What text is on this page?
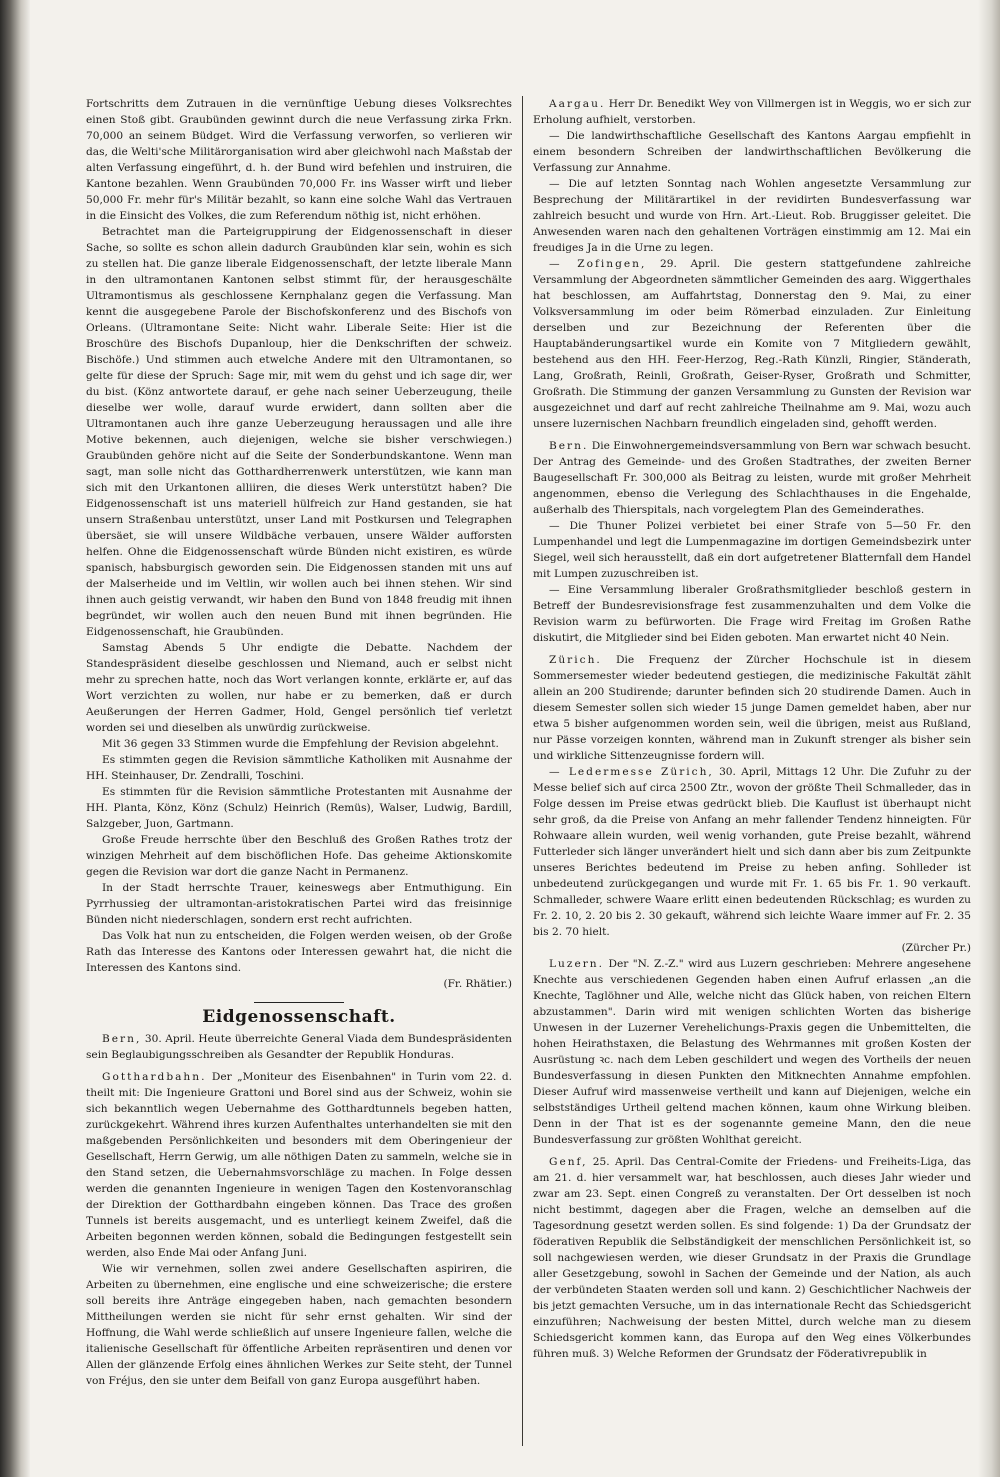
Fortschritts dem Zutrauen in die vernünftige Uebung dieses Volksrechtes einen Stoß gibt. Graubünden gewinnt durch die neue Verfassung zirka Frkn. 70,000 an seinem Büdget. Wird die Verfassung verworfen, so verlieren wir das, die Welti'sche Militärorganisation wird aber gleichwohl nach Maßstab der alten Verfassung eingeführt, d. h. der Bund wird befehlen und instruiren, die Kantone bezahlen. Wenn Graubünden 70,000 Fr. ins Wasser wirft und lieber 50,000 Fr. mehr für's Militär bezahlt, so kann eine solche Wahl das Vertrauen in die Einsicht des Volkes, die zum Referendum nöthig ist, nicht erhöhen.

Betrachtet man die Parteigruppirung der Eidgenossenschaft in dieser Sache, so sollte es schon allein dadurch Graubünden klar sein, wohin es sich zu stellen hat. Die ganze liberale Eidgenossenschaft, der letzte liberale Mann in den ultramontanen Kantonen selbst stimmt für, der herausgeschälte Ultramontismus als geschlossene Kernphalanz gegen die Verfassung. Man kennt die ausgegebene Parole der Bischofskonferenz und des Bischofs von Orleans. (Ultramontane Seite: Nicht wahr. Liberale Seite: Hier ist die Broschüre des Bischofs Dupanloup, hier die Denkschriften der schweiz. Bischöfe.) Und stimmen auch etwelche Andere mit den Ultramontanen, so gelte für diese der Spruch: Sage mir, mit wem du gehst und ich sage dir, wer du bist. (Könz antwortete darauf, er gehe nach seiner Ueberzeugung, theile dieselbe wer wolle, darauf wurde erwidert, dann sollten aber die Ultramontanen auch ihre ganze Ueberzeugung heraussagen und alle ihre Motive bekennen, auch diejenigen, welche sie bisher verschwiegen.) Graubünden gehöre nicht auf die Seite der Sonderbundskantone. Wenn man sagt, man solle nicht das Gotthardherrenwerk unterstützen, wie kann man sich mit den Urkantonen alliiren, die dieses Werk unterstützt haben? Die Eidgenossenschaft ist uns materiell hülfreich zur Hand gestanden, sie hat unsern Straßenbau unterstützt, unser Land mit Postkursen und Telegraphen übersäet, sie will unsere Wildbäche verbauen, unsere Wälder aufforsten helfen. Ohne die Eidgenossenschaft würde Bünden nicht existiren, es würde spanisch, habsburgisch geworden sein. Die Eidgenossen standen mit uns auf der Malserheide und im Veltlin, wir wollen auch bei ihnen stehen. Wir sind ihnen auch geistig verwandt, wir haben den Bund von 1848 freudig mit ihnen begründet, wir wollen auch den neuen Bund mit ihnen begründen. Hie Eidgenossenschaft, hie Graubünden.

Samstag Abends 5 Uhr endigte die Debatte. Nachdem der Standespräsident dieselbe geschlossen und Niemand, auch er selbst nicht mehr zu sprechen hatte, noch das Wort verlangen konnte, erklärte er, auf das Wort verzichten zu wollen, nur habe er zu bemerken, daß er durch Aeußerungen der Herren Gadmer, Hold, Gengel persönlich tief verletzt worden sei und dieselben als unwürdig zurückweise.

Mit 36 gegen 33 Stimmen wurde die Empfehlung der Revision abgelehnt.

Es stimmten gegen die Revision sämmtliche Katholiken mit Ausnahme der HH. Steinhauser, Dr. Zendralli, Toschini.

Es stimmten für die Revision sämmtliche Protestanten mit Ausnahme der HH. Planta, Könz, Könz (Schulz) Heinrich (Remüs), Walser, Ludwig, Bardill, Salzgeber, Juon, Gartmann.

Große Freude herrschte über den Beschluß des Großen Rathes trotz der winzigen Mehrheit auf dem bischöflichen Hofe. Das geheime Aktionskomite gegen die Revision war dort die ganze Nacht in Permanenz.

In der Stadt herrschte Trauer, keineswegs aber Entmuthigung. Ein Pyrrhussieg der ultramontan-aristokratischen Partei wird das freisinnige Bünden nicht niederschlagen, sondern erst recht aufrichten.

Das Volk hat nun zu entscheiden, die Folgen werden weisen, ob der Große Rath das Interesse des Kantons oder Interessen gewahrt hat, die nicht die Interessen des Kantons sind.

(Fr. Rhätier.)

Eidgenossenschaft.

Bern, 30. April. Heute überreichte General Viada dem Bundespräsidenten sein Beglaubigungsschreiben als Gesandter der Republik Honduras.

Gotthardbahn. Der „Moniteur des Eisenbahnen" in Turin vom 22. d. theilt mit: Die Ingenieure Grattoni und Borel sind aus der Schweiz, wohin sie sich bekanntlich wegen Uebernahme des Gotthardtunnels begeben hatten, zurückgekehrt. Während ihres kurzen Aufenthaltes unterhandelten sie mit den maßgebenden Persönlichkeiten und besonders mit dem Oberingenieur der Gesellschaft, Herrn Gerwig, um alle nöthigen Daten zu sammeln, welche sie in den Stand setzen, die Uebernahmsvorschläge zu machen. In Folge dessen werden die genannten Ingenieure in wenigen Tagen den Kostenvoranschlag der Direktion der Gotthardbahn eingeben können. Das Trace des großen Tunnels ist bereits ausgemacht, und es unterliegt keinem Zweifel, daß die Arbeiten begonnen werden können, sobald die Bedingungen festgestellt sein werden, also Ende Mai oder Anfang Juni.

Wie wir vernehmen, sollen zwei andere Gesellschaften aspiriren, die Arbeiten zu übernehmen, eine englische und eine schweizerische; die erstere soll bereits ihre Anträge eingegeben haben, nach gemachten besondern Mittheilungen werden sie nicht für sehr ernst gehalten. Wir sind der Hoffnung, die Wahl werde schließlich auf unsere Ingenieure fallen, welche die italienische Gesellschaft für öffentliche Arbeiten repräsentiren und denen vor Allen der glänzende Erfolg eines ähnlichen Werkes zur Seite steht, der Tunnel von Fréjus, den sie unter dem Beifall von ganz Europa ausgeführt haben.

Aargau. Herr Dr. Benedikt Wey von Villmergen ist in Weggis, wo er sich zur Erholung aufhielt, verstorben.

— Die landwirthschaftliche Gesellschaft des Kantons Aargau empfiehlt in einem besondern Schreiben der landwirthschaftlichen Bevölkerung die Verfassung zur Annahme.

— Die auf letzten Sonntag nach Wohlen angesetzte Versammlung zur Besprechung der Militärartikel in der revidirten Bundesverfassung war zahlreich besucht und wurde von Hrn. Art.-Lieut. Rob. Bruggisser geleitet. Die Anwesenden waren nach den gehaltenen Vorträgen einstimmig am 12. Mai ein freudiges Ja in die Urne zu legen.

— Zofingen, 29. April. Die gestern stattgefundene zahlreiche Versammlung der Abgeordneten sämmtlicher Gemeinden des aarg. Wiggerthales hat beschlossen, am Auffahrtstag, Donnerstag den 9. Mai, zu einer Volksversammlung im oder beim Römerbad einzuladen. Zur Einleitung derselben und zur Bezeichnung der Referenten über die Hauptabänderungsartikel wurde ein Komite von 7 Mitgliedern gewählt, bestehend aus den HH. Feer-Herzog, Reg.-Rath Künzli, Ringier, Ständerath, Lang, Großrath, Reinli, Großrath, Geiser-Ryser, Großrath und Schmitter, Großrath. Die Stimmung der ganzen Versammlung zu Gunsten der Revision war ausgezeichnet und darf auf recht zahlreiche Theilnahme am 9. Mai, wozu auch unsere luzernischen Nachbarn freundlich eingeladen sind, gehofft werden.

Bern. Die Einwohnergemeindsversammlung von Bern war schwach besucht. Der Antrag des Gemeinde- und des Großen Stadtrathes, der zweiten Berner Baugesellschaft Fr. 300,000 als Beitrag zu leisten, wurde mit großer Mehrheit angenommen, ebenso die Verlegung des Schlachthauses in die Engehalde, außerhalb des Thierspitals, nach vorgelegtem Plan des Gemeinderathes.

— Die Thuner Polizei verbietet bei einer Strafe von 5—50 Fr. den Lumpenhandel und legt die Lumpenmagazine im dortigen Gemeindsbezirk unter Siegel, weil sich herausstellt, daß ein dort aufgetretener Blatternfall dem Handel mit Lumpen zuzuschreiben ist.

— Eine Versammlung liberaler Großrathsmitglieder beschloß gestern in Betreff der Bundesrevisionsfrage fest zusammenzuhalten und dem Volke die Revision warm zu befürworten. Die Frage wird Freitag im Großen Rathe diskutirt, die Mitglieder sind bei Eiden geboten. Man erwartet nicht 40 Nein.

Zürich. Die Frequenz der Zürcher Hochschule ist in diesem Sommersemester wieder bedeutend gestiegen, die medizinische Fakultät zählt allein an 200 Studirende; darunter befinden sich 20 studirende Damen. Auch in diesem Semester sollen sich wieder 15 junge Damen gemeldet haben, aber nur etwa 5 bisher aufgenommen worden sein, weil die übrigen, meist aus Rußland, nur Pässe vorzeigen konnten, während man in Zukunft strenger als bisher sein und wirkliche Sittenzeugnisse fordern will.

— Ledermesse Zürich, 30. April, Mittags 12 Uhr. Die Zufuhr zu der Messe belief sich auf circa 2500 Ztr., wovon der größte Theil Schmalleder, das in Folge dessen im Preise etwas gedrückt blieb. Die Kauflust ist überhaupt nicht sehr groß, da die Preise von Anfang an mehr fallender Tendenz hinneigten. Für Rohwaare allein wurden, weil wenig vorhanden, gute Preise bezahlt, während Futterleder sich länger unverändert hielt und sich dann aber bis zum Zeitpunkte unseres Berichtes bedeutend im Preise zu heben anfing. Sohlleder ist unbedeutend zurückgegangen und wurde mit Fr. 1. 65 bis Fr. 1. 90 verkauft. Schmalleder, schwere Waare erlitt einen bedeutenden Rückschlag; es wurden zu Fr. 2. 10, 2. 20 bis 2. 30 gekauft, während sich leichte Waare immer auf Fr. 2. 35 bis 2. 70 hielt.

(Zürcher Pr.)

Luzern. Der "N. Z.-Z." wird aus Luzern geschrieben: Mehrere angesehene Knechte aus verschiedenen Gegenden haben einen Aufruf erlassen „an die Knechte, Taglöhner und Alle, welche nicht das Glück haben, von reichen Eltern abzustammen". Darin wird mit wenigen schlichten Worten das bisherige Unwesen in der Luzerner Verehelichungs-Praxis gegen die Unbemittelten, die hohen Heirathstaxen, die Belastung des Wehrmannes mit großen Kosten der Ausrüstung ꝛc. nach dem Leben geschildert und wegen des Vortheils der neuen Bundesverfassung in diesen Punkten den Mitknechten Annahme empfohlen. Dieser Aufruf wird massenweise vertheilt und kann auf Diejenigen, welche ein selbstständiges Urtheil geltend machen können, kaum ohne Wirkung bleiben. Denn in der That ist es der sogenannte gemeine Mann, den die neue Bundesverfassung zur größten Wohlthat gereicht.

Genf, 25. April. Das Central-Comite der Friedens- und Freiheits-Liga, das am 21. d. hier versammelt war, hat beschlossen, auch dieses Jahr wieder und zwar am 23. Sept. einen Congreß zu veranstalten. Der Ort desselben ist noch nicht bestimmt, dagegen aber die Fragen, welche an demselben auf die Tagesordnung gesetzt werden sollen. Es sind folgende: 1) Da der Grundsatz der föderativen Republik die Selbständigkeit der menschlichen Persönlichkeit ist, so soll nachgewiesen werden, wie dieser Grundsatz in der Praxis die Grundlage aller Gesetzgebung, sowohl in Sachen der Gemeinde und der Nation, als auch der verbündeten Staaten werden soll und kann. 2) Geschichtlicher Nachweis der bis jetzt gemachten Versuche, um in das internationale Recht das Schiedsgericht einzuführen; Nachweisung der besten Mittel, durch welche man zu diesem Schiedsgericht kommen kann, das Europa auf den Weg eines Völkerbundes führen muß. 3) Welche Reformen der Grundsatz der Föderativrepublik in
